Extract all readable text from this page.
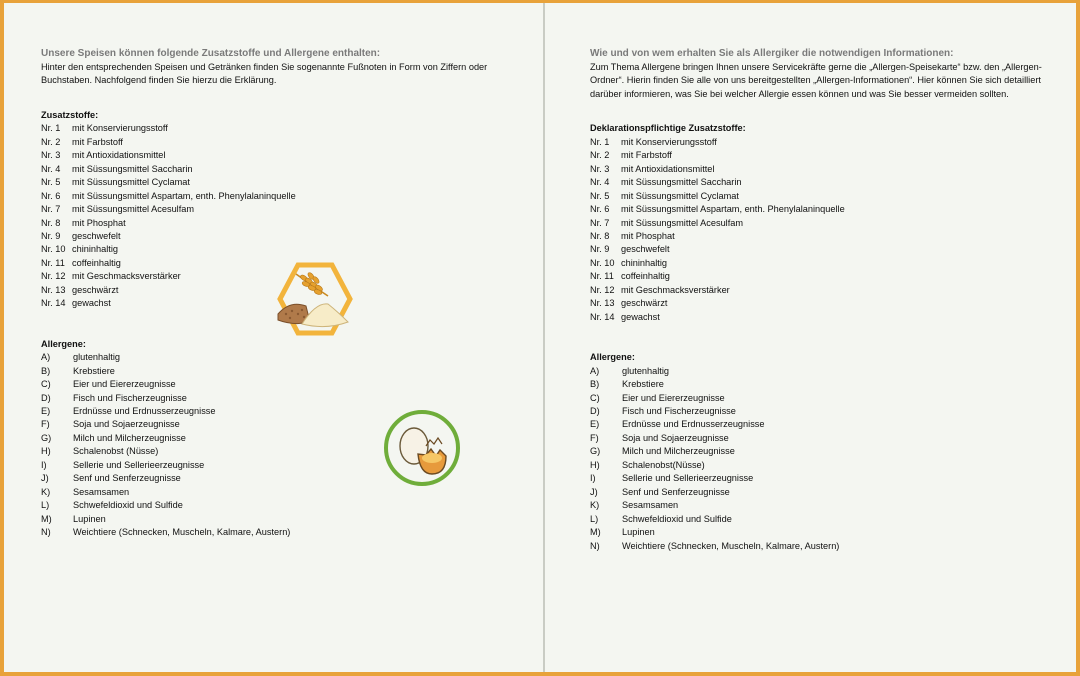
Unsere Speisen können folgende Zusatzstoffe und Allergene enthalten:

Hinter den entsprechenden Speisen und Getränken finden Sie sogenannte Fußnoten in Form von Ziffern oder Buchstaben. Nachfolgend finden Sie hierzu die Erklärung.

Zusatzstoffe:
Nr. 1	mit Konservierungsstoff
Nr. 2	mit Farbstoff
Nr. 3	mit Antioxidationsmittel
Nr. 4	mit Süssungsmittel Saccharin
Nr. 5	mit Süssungsmittel Cyclamat
Nr. 6	mit Süssungsmittel Aspartam, enth. Phenylalaninquelle
Nr. 7	mit Süssungsmittel Acesulfam
Nr. 8	mit Phosphat
Nr. 9	geschwefelt
Nr. 10 chininhaltig
Nr. 11 coffeinhaltig
Nr. 12 mit Geschmacksverstärker
Nr. 13 geschwärzt
Nr. 14 gewachst
Allergene:
A)	glutenhaltig
B)	Krebstiere
C)	Eier und Eiererzeugnisse
D)	Fisch und Fischerzeugnisse
E)	Erdnüsse und Erdnusserzeugnisse
F)	Soja und Sojaerzeugnisse
G)	Milch und Milcherzeugnisse
H)	Schalenobst (Nüsse)
I)	Sellerie und Sellerieerzeugnisse
J)	Senf und Senferzeugnisse
K)	Sesamsamen
L)	Schwefeldioxid und Sulfide
M)	Lupinen
N)	Weichtiere (Schnecken, Muscheln, Kalmare, Austern)
Wie und von wem erhalten Sie als Allergiker die notwendigen Informationen:

Zum Thema Allergene bringen Ihnen unsere Servicekräfte gerne die „Allergen-Speisekarte“ bzw. den „Allergen-Ordner“. Hierin finden Sie alle von uns bereitgestellten „Allergen-Informationen“. Hier können Sie sich detailliert darüber informieren, was Sie bei welcher Allergie essen können und was Sie besser vermeiden sollten.

Deklarationspflichtige Zusatzstoffe:
Nr. 1	mit Konservierungsstoff
Nr. 2	mit Farbstoff
Nr. 3	mit Antioxidationsmittel
Nr. 4	mit Süssungsmittel Saccharin
Nr. 5	mit Süssungsmittel Cyclamat
Nr. 6	mit Süssungsmittel Aspartam, enth. Phenylalaninquelle
Nr. 7	mit Süssungsmittel Acesulfam
Nr. 8	mit Phosphat
Nr. 9	geschwefelt
Nr. 10 chininhaltig
Nr. 11 coffeinhaltig
Nr. 12 mit Geschmacksverstärker
Nr. 13 geschwärzt
Nr. 14 gewachst
Allergene:
A)	glutenhaltig
B)	Krebstiere
C)	Eier und Eiererzeugnisse
D)	Fisch und Fischerzeugnisse
E)	Erdnüsse und Erdnusserzeugnisse
F)	Soja und Sojaerzeugnisse
G)	Milch und Milcherzeugnisse
H)	Schalenobst(Nüsse)
I)	Sellerie und Sellerieerzeugnisse
J)	Senf und Senferzeugnisse
K)	Sesamsamen
L)	Schwefeldioxid und Sulfide
M)	Lupinen
N)	Weichtiere (Schnecken, Muscheln, Kalmare, Austern)
